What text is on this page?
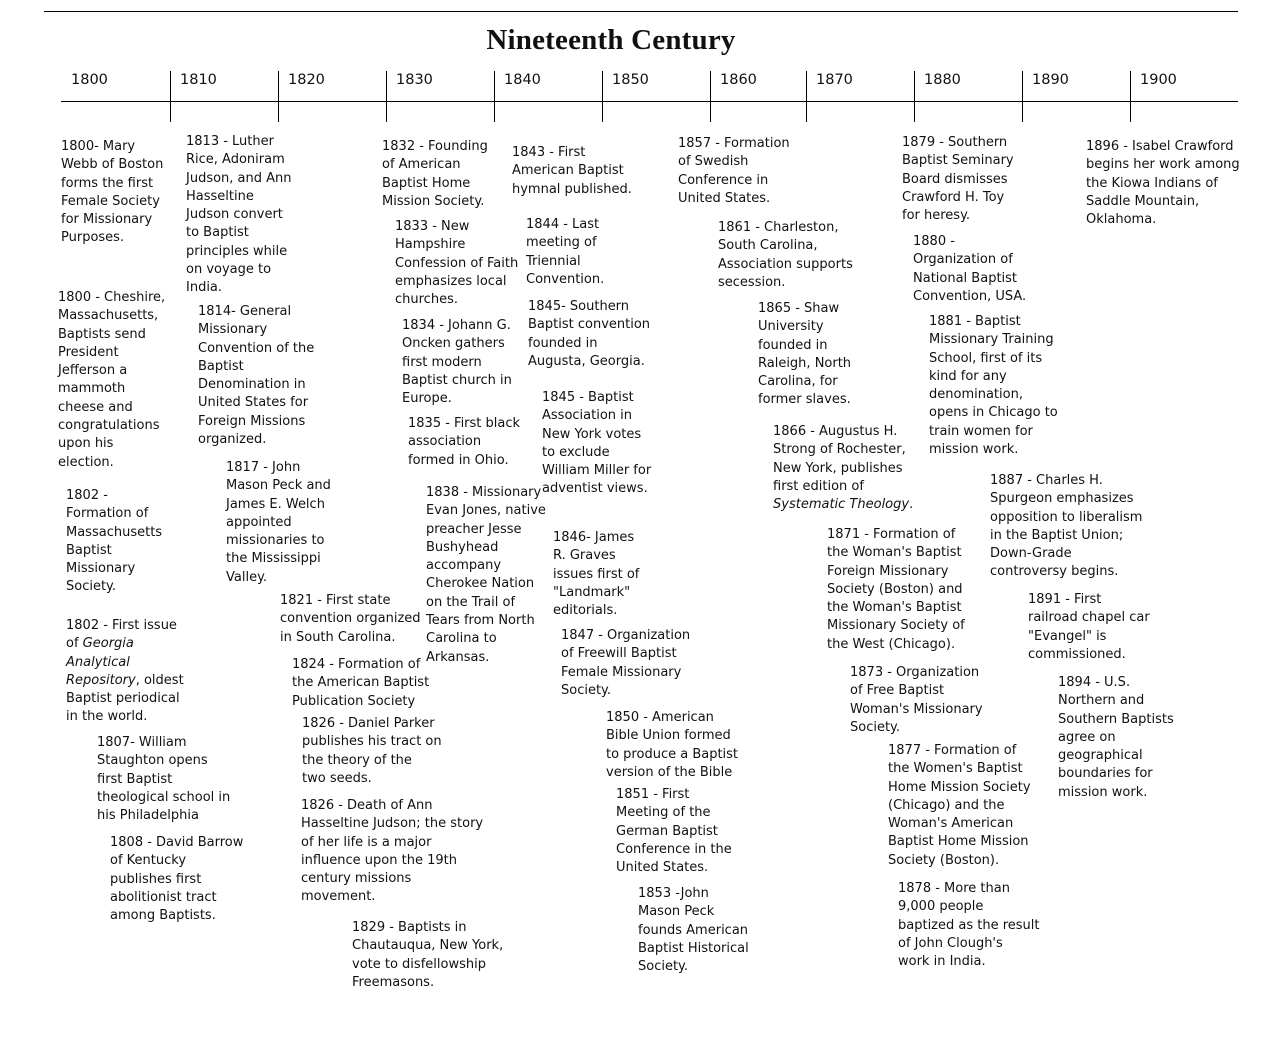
Nineteenth Century
1800	1810	1820	1830	1840	1850	1860	1870	1880	1890	1900
1800- Mary
Webb of Boston
forms the first
Female Society
for Missionary
Purposes.
1800 - Cheshire,
Massachusetts,
Baptists send
President
Jefferson a
mammoth
cheese and
congratulations
upon his
election.
1802 -
Formation of
Massachusetts
Baptist
Missionary
Society.
1802 - First issue
of Georgia
Analytical
Repository, oldest
Baptist periodical
in the world.
1807- William
Staughton opens
first Baptist
theological school in
his Philadelphia
1808 - David Barrow
of Kentucky
publishes first
abolitionist tract
among Baptists.
1813 - Luther
Rice, Adoniram
Judson, and Ann
Hasseltine
Judson convert
to Baptist
principles while
on voyage to
India.
1814- General
Missionary
Convention of the
Baptist
Denomination in
United States for
Foreign Missions
organized.
1817 - John
Mason Peck and
James E. Welch
appointed
missionaries to
the Mississippi
Valley.
1821 - First state
convention organized
in South Carolina.
1824 - Formation of
the American Baptist
Publication Society
1826 - Daniel Parker
publishes his tract on
the theory of the
two seeds.
1826 - Death of Ann
Hasseltine Judson; the story
of her life is a major
influence upon the 19th
century missions
movement.
1829 - Baptists in
Chautauqua, New York,
vote to disfellowship
Freemasons.
1832 - Founding
of American
Baptist Home
Mission Society.
1833 - New
Hampshire
Confession of Faith
emphasizes local
churches.
1834 - Johann G.
Oncken gathers
first modern
Baptist church in
Europe.
1835 - First black
association
formed in Ohio.
1838 - Missionary
Evan Jones, native
preacher Jesse
Bushyhead
accompany
Cherokee Nation
on the Trail of
Tears from North
Carolina to
Arkansas.
1843 - First
American Baptist
hymnal published.
1844 - Last
meeting of
Triennial
Convention.
1845- Southern
Baptist convention
founded in
Augusta, Georgia.
1845 - Baptist
Association in
New York votes
to exclude
William Miller for
adventist views.
1846- James
R. Graves
issues first of
"Landmark"
editorials.
1847 - Organization
of Freewill Baptist
Female Missionary
Society.
1850 - American
Bible Union formed
to produce a Baptist
version of the Bible
1851 - First
Meeting of the
German Baptist
Conference in the
United States.
1853 -John
Mason Peck
founds American
Baptist Historical
Society.
1857 - Formation
of Swedish
Conference in
United States.
1861 - Charleston,
South Carolina,
Association supports
secession.
1865 - Shaw
University
founded in
Raleigh, North
Carolina, for
former slaves.
1866 - Augustus H.
Strong of Rochester,
New York, publishes
first edition of
Systematic Theology.
1871 - Formation of
the Woman's Baptist
Foreign Missionary
Society (Boston) and
the Woman's Baptist
Missionary Society of
the West (Chicago).
1873 - Organization
of Free Baptist
Woman's Missionary
Society.
1877 - Formation of
the Women's Baptist
Home Mission Society
(Chicago) and the
Woman's American
Baptist Home Mission
Society (Boston).
1878 - More than
9,000 people
baptized as the result
of John Clough's
work in India.
1879 - Southern
Baptist Seminary
Board dismisses
Crawford H. Toy
for heresy.
1880 -
Organization of
National Baptist
Convention, USA.
1881 - Baptist
Missionary Training
School, first of its
kind for any
denomination,
opens in Chicago to
train women for
mission work.
1887 - Charles H.
Spurgeon emphasizes
opposition to liberalism
in the Baptist Union;
Down-Grade
controversy begins.
1891 - First
railroad chapel car
"Evangel" is
commissioned.
1894 - U.S.
Northern and
Southern Baptists
agree on
geographical
boundaries for
mission work.
1896 - Isabel Crawford
begins her work among
the Kiowa Indians of
Saddle Mountain,
Oklahoma.
